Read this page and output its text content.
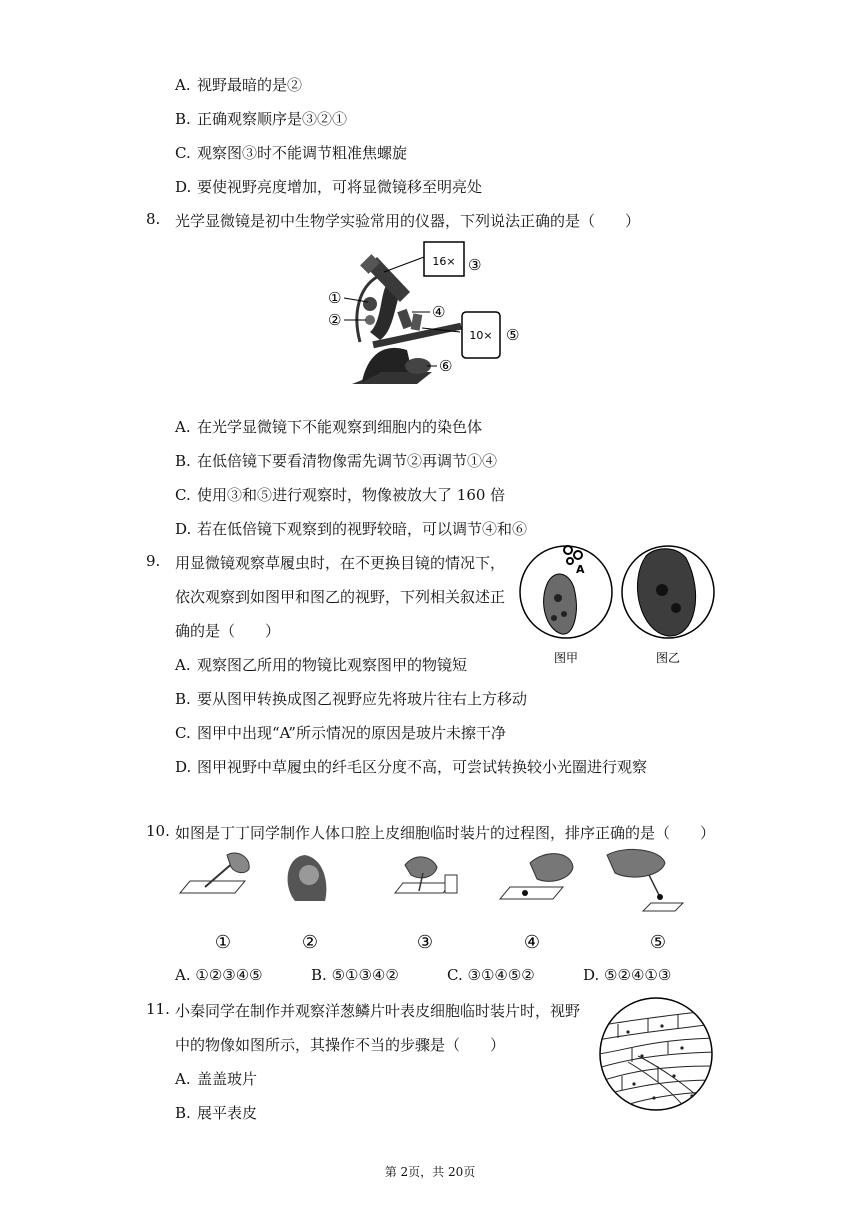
A. 视野最暗的是②
B. 正确观察顺序是③②①
C. 观察图③时不能调节粗准焦螺旋
D. 要使视野亮度增加，可将显微镜移至明亮处
8. 光学显微镜是初中生物学实验常用的仪器，下列说法正确的是（　　）
16×
10×
①
②
③
④
⑤
⑥
A. 在光学显微镜下不能观察到细胞内的染色体
B. 在低倍镜下要看清物像需先调节②再调节①④
C. 使用③和⑤进行观察时，物像被放大了 160 倍
D. 若在低倍镜下观察到的视野较暗，可以调节④和⑥
9. 用显微镜观察草履虫时，在不更换目镜的情况下，
依次观察到如图甲和图乙的视野，下列相关叙述正
确的是（　　）
A
图甲	图乙
A. 观察图乙所用的物镜比观察图甲的物镜短
B. 要从图甲转换成图乙视野应先将玻片往右上方移动
C. 图甲中出现“A”所示情况的原因是玻片未擦干净
D. 图甲视野中草履虫的纤毛区分度不高，可尝试转换较小光圈进行观察
10. 如图是丁丁同学制作人体口腔上皮细胞临时装片的过程图，排序正确的是（　　）
①	②	③	④	⑤
A. ①②③④⑤	B. ⑤①③④②	C. ③①④⑤②	D. ⑤②④①③
11. 小秦同学在制作并观察洋葱鳞片叶表皮细胞临时装片时，视野
中的物像如图所示，其操作不当的步骤是（　　）
A. 盖盖玻片
B. 展平表皮
第 2页，共 20页
